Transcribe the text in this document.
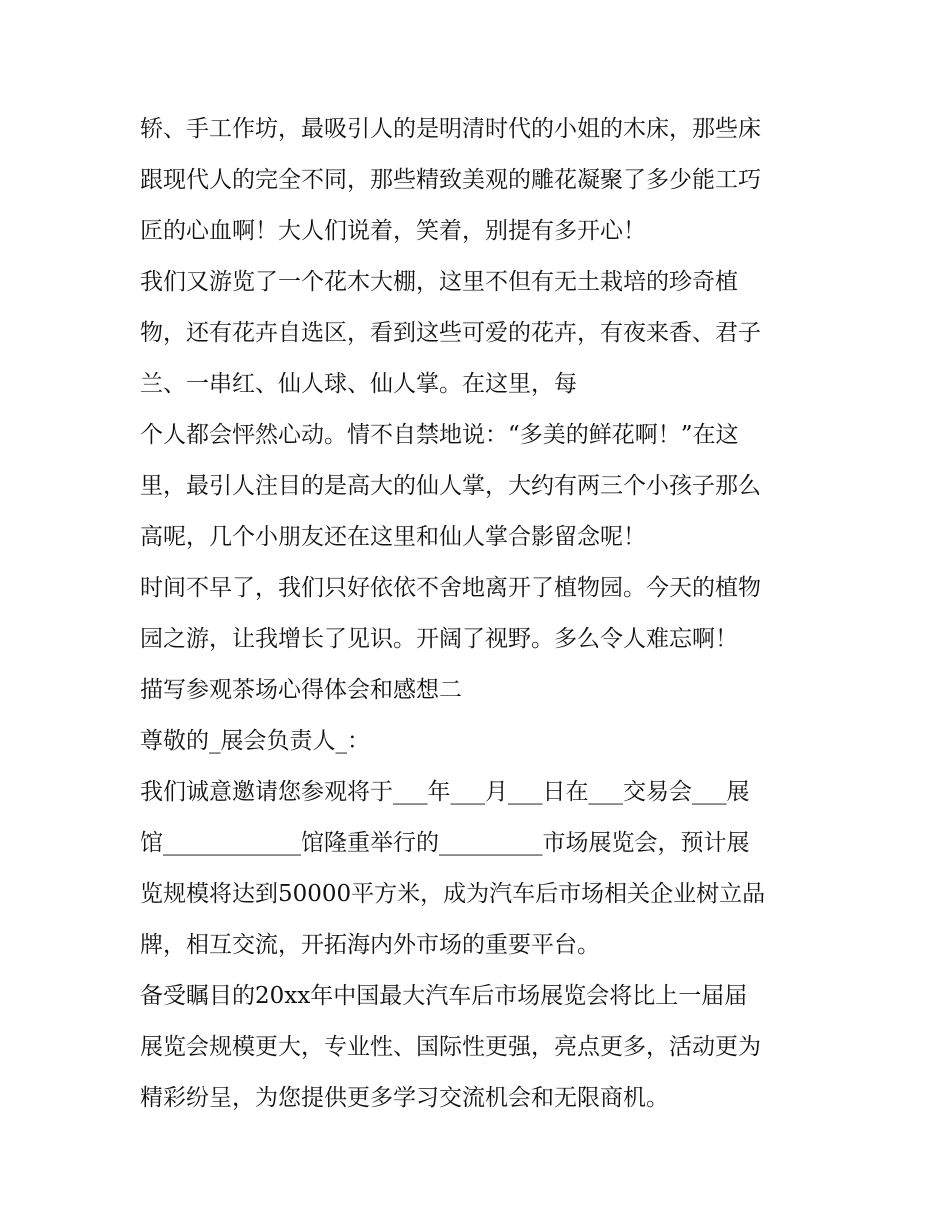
轿、手工作坊，最吸引人的是明清时代的小姐的木床，那些床
跟现代人的完全不同，那些精致美观的雕花凝聚了多少能工巧
匠的心血啊！大人们说着，笑着，别提有多开心！
我们又游览了一个花木大棚，这里不但有无土栽培的珍奇植
物，还有花卉自选区，看到这些可爱的花卉，有夜来香、君子
兰、一串红、仙人球、仙人掌。在这里，每
个人都会怦然心动。情不自禁地说：“多美的鲜花啊！”在这
里，最引人注目的是高大的仙人掌，大约有两三个小孩子那么
高呢，几个小朋友还在这里和仙人掌合影留念呢！
时间不早了，我们只好依依不舍地离开了植物园。今天的植物
园之游，让我增长了见识。开阔了视野。多么令人难忘啊！
描写参观茶场心得体会和感想二
尊敬的_展会负责人_：
我们诚意邀请您参观将于___年___月___日在___交易会___展
馆____________馆隆重举行的_________市场展览会，预计展
览规模将达到50000平方米，成为汽车后市场相关企业树立品
牌，相互交流，开拓海内外市场的重要平台。
备受瞩目的20xx年中国最大汽车后市场展览会将比上一届届
展览会规模更大，专业性、国际性更强，亮点更多，活动更为
精彩纷呈，为您提供更多学习交流机会和无限商机。
